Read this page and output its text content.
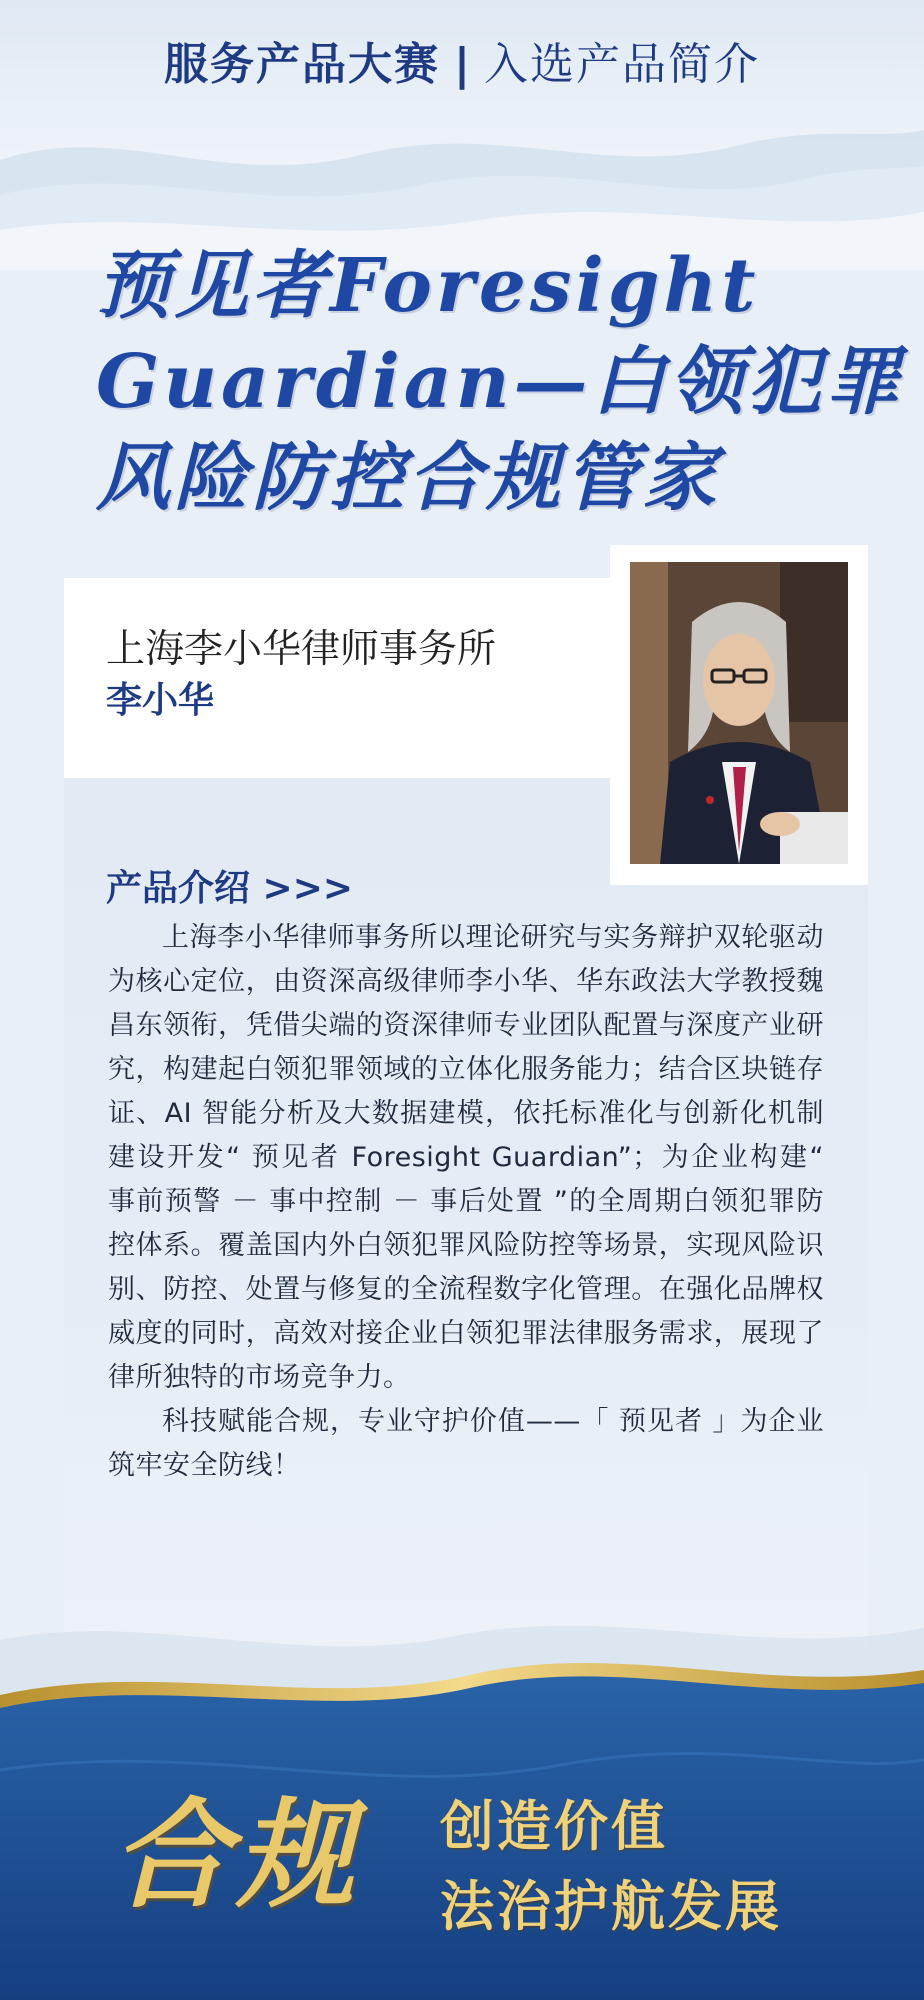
服务产品大赛 | 入选产品简介
预见者Foresight
Guardian—白领犯罪
风险防控合规管家
上海李小华律师事务所
李小华
产品介绍 >>>

上海李小华律师事务所以理论研究与实务辩护双轮驱动为核心定位，由资深高级律师李小华、华东政法大学教授魏昌东领衔，凭借尖端的资深律师专业团队配置与深度产业研究，构建起白领犯罪领域的立体化服务能力；结合区块链存证、AI 智能分析及大数据建模，依托标准化与创新化机制建设开发“ 预见者 Foresight Guardian”；为企业构建“ 事前预警 － 事中控制 － 事后处置 ”的全周期白领犯罪防控体系。覆盖国内外白领犯罪风险防控等场景，实现风险识别、防控、处置与修复的全流程数字化管理。在强化品牌权威度的同时，高效对接企业白领犯罪法律服务需求，展现了律所独特的市场竞争力。

科技赋能合规，专业守护价值——「 预见者 」为企业筑牢安全防线！

合规 创造价值
法治护航发展
